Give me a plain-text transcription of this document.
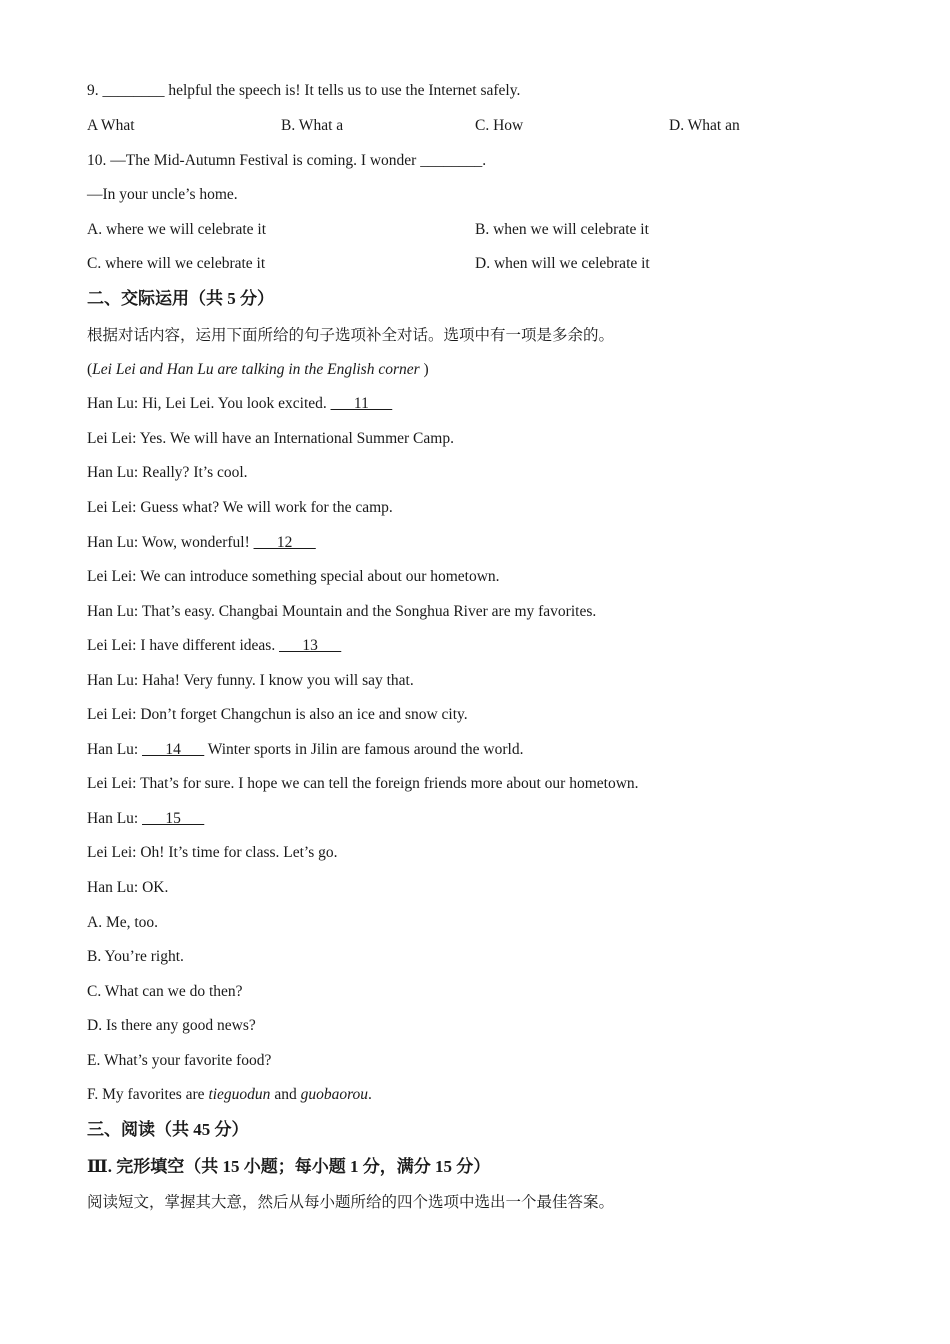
9. ________ helpful the speech is! It tells us to use the Internet safely.
A What	B. What a	C. How	D. What an
10. —The Mid-Autumn Festival is coming. I wonder ________.
—In your uncle’s home.
A. where we will celebrate it	B. when we will celebrate it
C. where will we celebrate it	D. when will we celebrate it
二、交际运用（共 5 分）
根据对话内容，运用下面所给的句子选项补全对话。选项中有一项是多余的。
(Lei Lei and Han Lu are talking in the English corner )
Han Lu: Hi, Lei Lei. You look excited. ___11___
Lei Lei: Yes. We will have an International Summer Camp.
Han Lu: Really? It’s cool.
Lei Lei: Guess what? We will work for the camp.
Han Lu: Wow, wonderful! ___12___
Lei Lei: We can introduce something special about our hometown.
Han Lu: That’s easy. Changbai Mountain and the Songhua River are my favorites.
Lei Lei: I have different ideas. ___13___
Han Lu: Haha! Very funny. I know you will say that.
Lei Lei: Don’t forget Changchun is also an ice and snow city.
Han Lu: ___14___ Winter sports in Jilin are famous around the world.
Lei Lei: That’s for sure. I hope we can tell the foreign friends more about our hometown.
Han Lu: ___15___
Lei Lei: Oh! It’s time for class. Let’s go.
Han Lu: OK.
A. Me, too.
B. You’re right.
C. What can we do then?
D. Is there any good news?
E. What’s your favorite food?
F. My favorites are tieguodun and guobaorou.
三、阅读（共 45 分）
Ⅲ. 完形填空（共 15 小题；每小题 1 分，满分 15 分）
阅读短文，掌握其大意，然后从每小题所给的四个选项中选出一个最佳答案。
